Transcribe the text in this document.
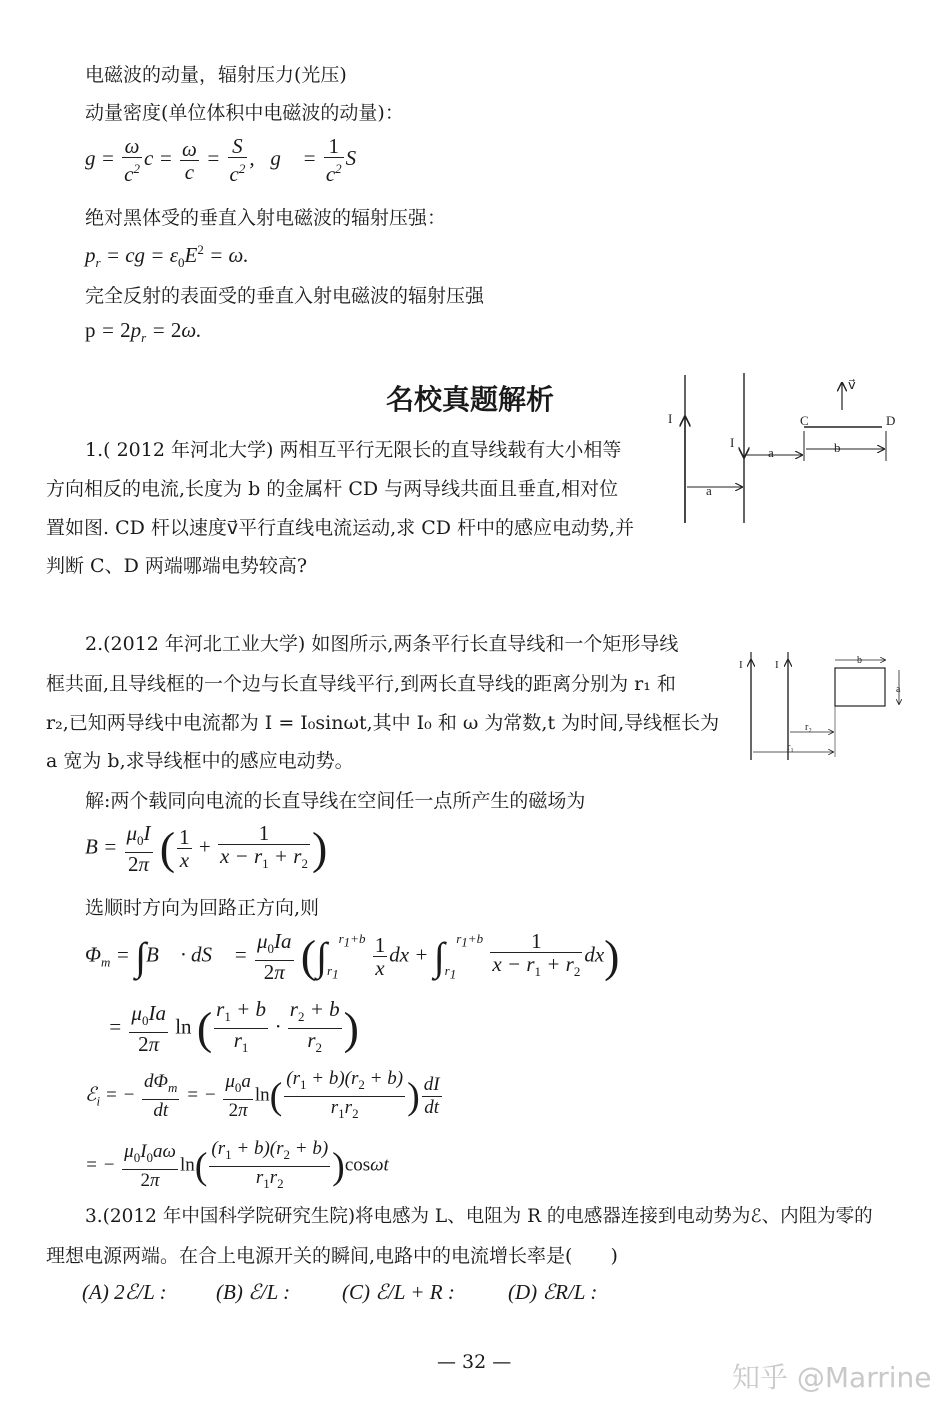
电磁波的动量，辐射压力(光压)
动量密度(单位体积中电磁波的动量)：
$g = \frac{\omega}{c^2}$ $c = \frac{\omega}{c} = \frac{S}{c^2}$ ,   g⃗ = $\frac{1}{c^2}$ S⃗
绝对黑体受的垂直入射电磁波的辐射压强：
$p_r$ = cg = $\varepsilon_0E^2 = \omega$.
完全反射的表面受的垂直入射电磁波的辐射压强
$p = 2p_r = 2\omega$.
名校真题解析
I
I
v⃗
C	D
a	b
a
1.( 2012 年河北大学) 两相互平行无限长的直导线载有大小相等
方向相反的电流,长度为 b 的金属杆 CD 与两导线共面且垂直,相对位
置如图. CD 杆以速度v⃗平行直线电流运动,求 CD 杆中的感应电动势,并
判断 C、D 两端哪端电势较高?
I	I	b
a
r₂
r₁
2.(2012 年河北工业大学) 如图所示,两条平行长直导线和一个矩形导线
框共面,且导线框的一个边与长直导线平行,到两长直导线的距离分别为 r₁ 和
r₂,已知两导线中电流都为 I = I₀sinωt,其中 I₀ 和 ω 为常数,t 为时间,导线框长为
a 宽为 b,求导线框中的感应电动势。
解:两个载同向电流的长直导线在空间任一点所产生的磁场为
$B = \frac{\mu_0I}{2\pi}$ ( $\frac{1}{x} + \frac{1}{x - r_1 + r_2}$ )
选顺时方向为回路正方向,则
$\Phi_m$ = ∫B⃗ · dS⃗ = $\frac{\mu_0Ia}{2\pi} (\int_{r_1}^{r_1+b} \frac{1}{x}$ dx + $\int_{r_1}^{r_1+b} \frac{1}{x - r_1 + r_2} dx$)
= $\frac{\mu_0Ia}{2\pi}$ ln ( $\frac{r_1 + b}{r_1} \cdot \frac{r_2 + b}{r_2}$ )
ℰ$_i$ = − $\frac{d\Phi_m}{dt}$ = − $\frac{\mu_0a}{2\pi} \ln( \frac{(r_1 + b)(r_2 + b)}{r_1r_2}$ ) $\frac{dI}{dt}$
= − $\frac{\mu_0I_0a\omega}{2\pi} \ln( \frac{(r_1 + b)(r_2 + b)}{r_1r_2} )\cos\omega t$
3.(2012 年中国科学院研究生院)将电感为 L、电阻为 R 的电感器连接到电动势为ℰ、内阻为零的
理想电源两端。在合上电源开关的瞬间,电路中的电流增长率是(　　)
(A) 2ℰ/L : (B) ℰ/L : (C) ℰ/L + R :	(D) ℰR/L :
— 32 —	知乎 @Marrine
